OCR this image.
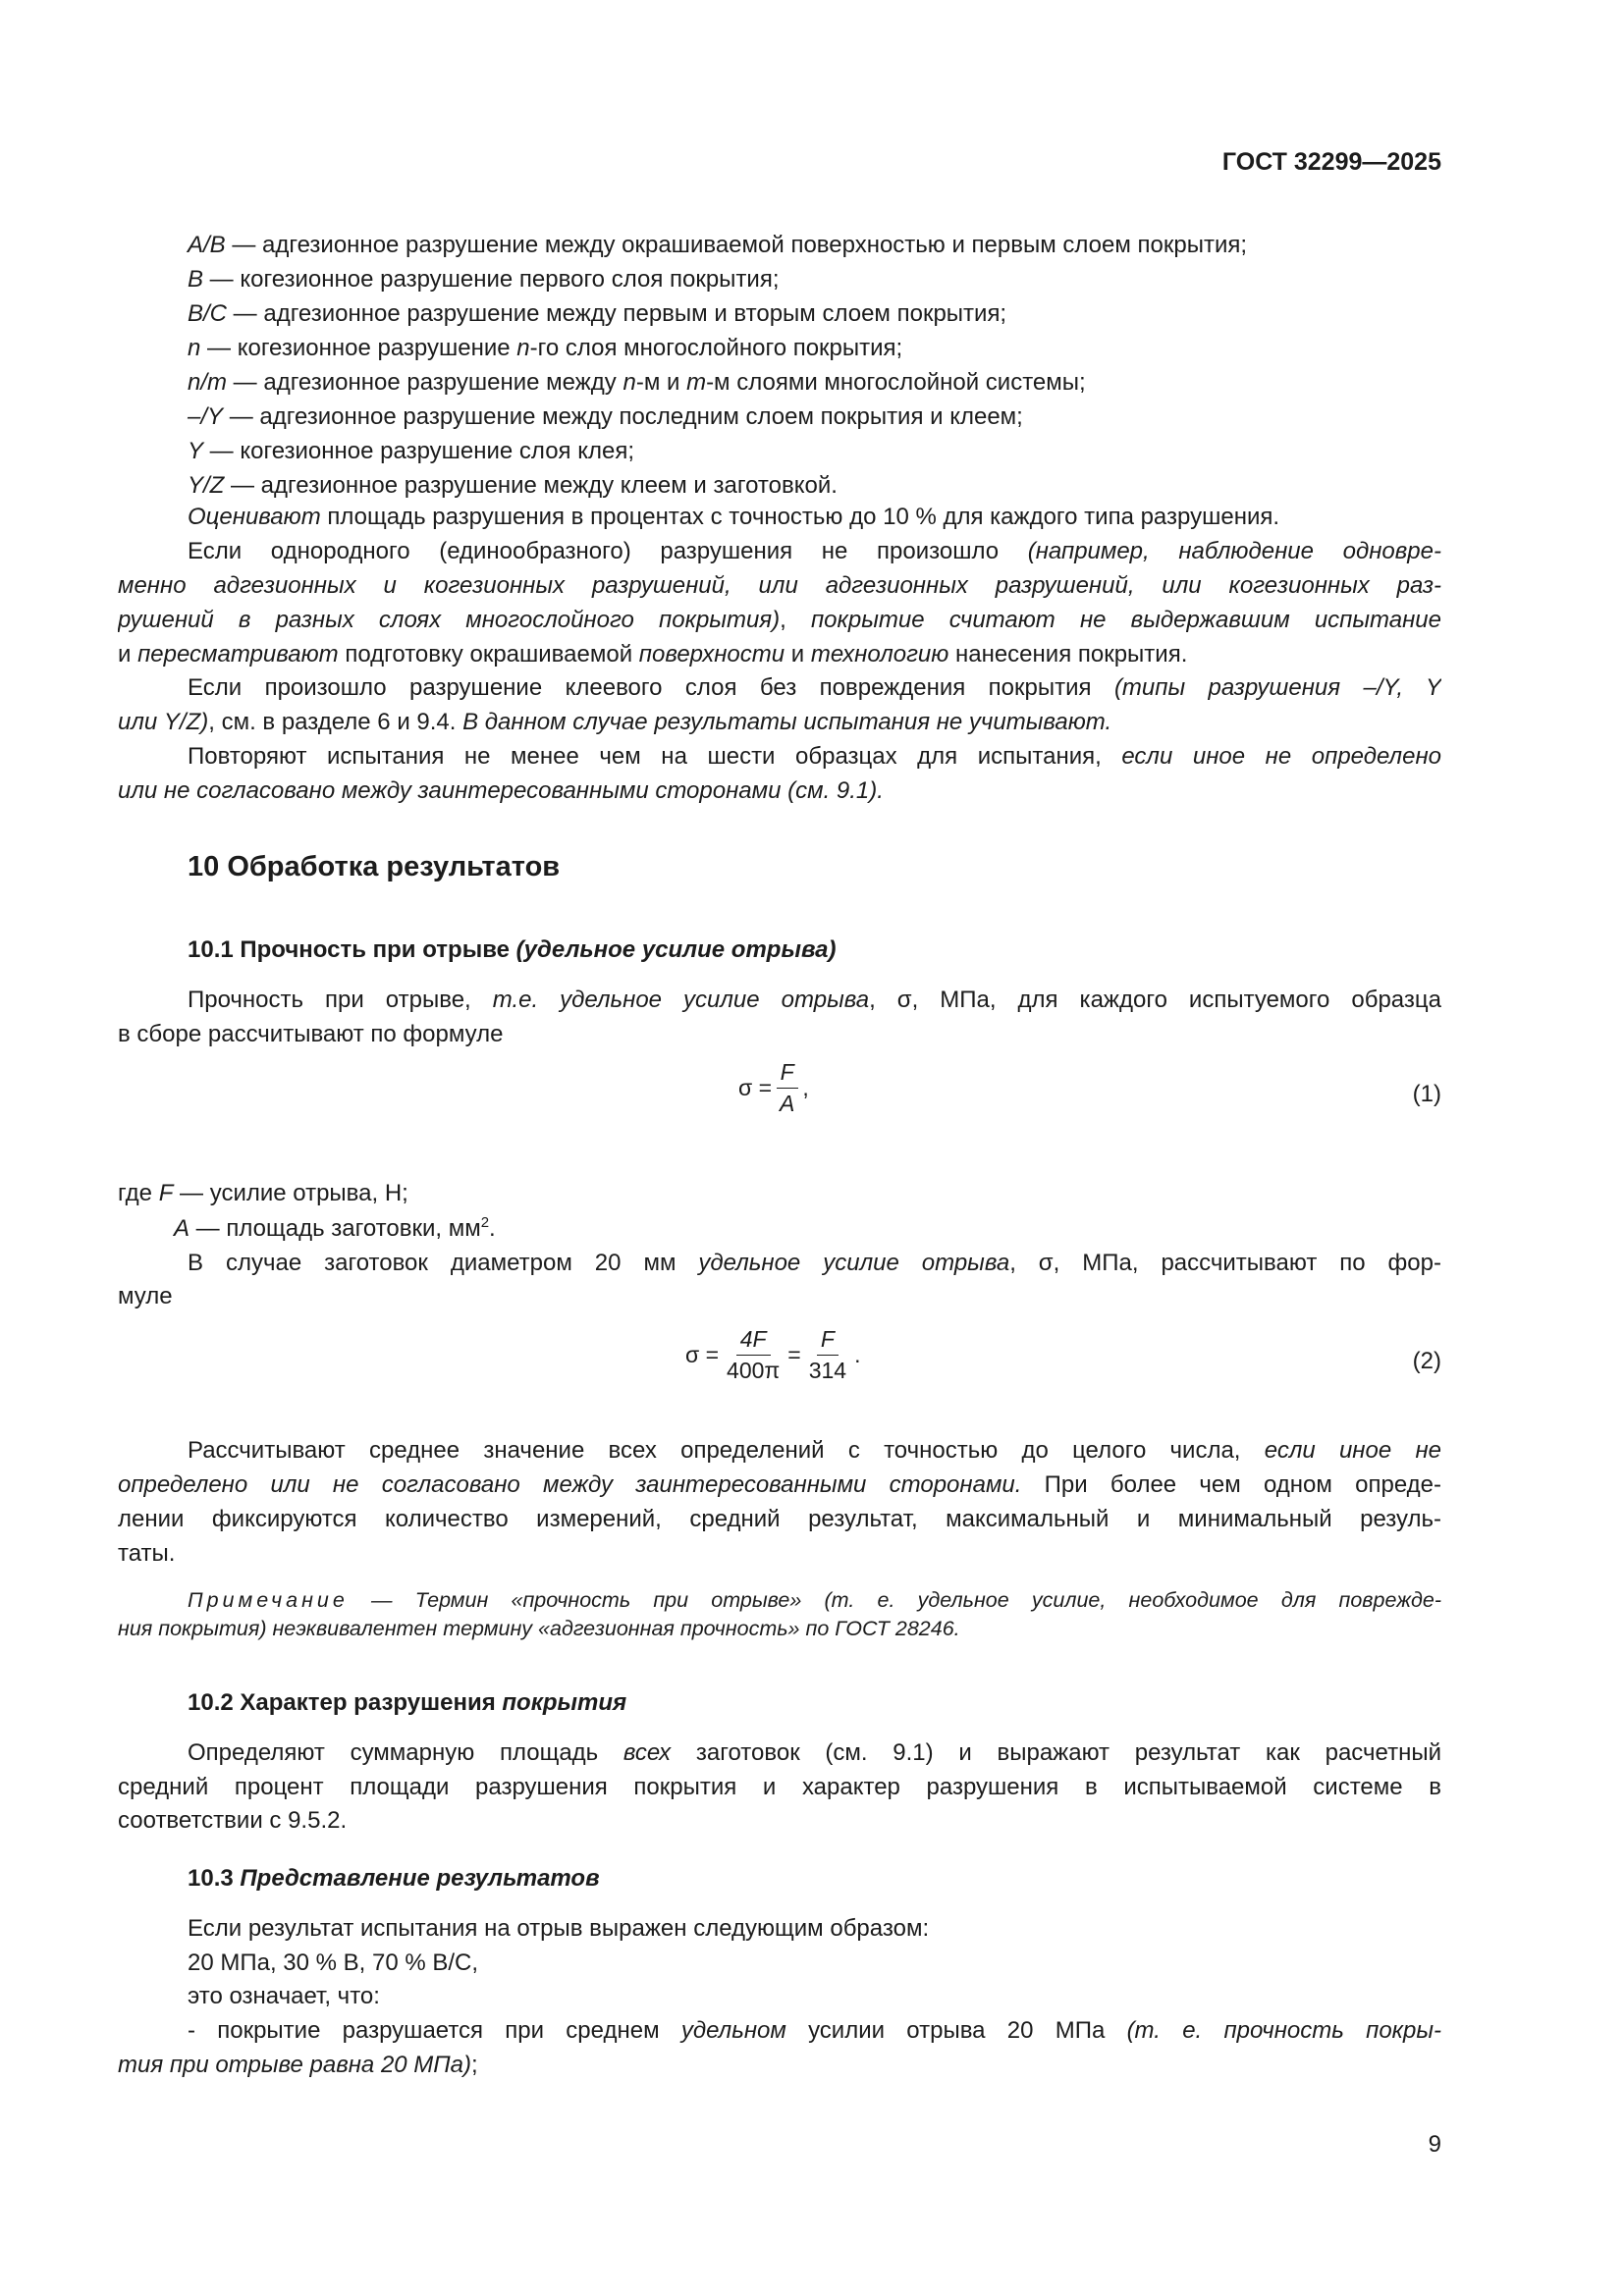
ГОСТ 32299—2025
A/B — адгезионное разрушение между окрашиваемой поверхностью и первым слоем покрытия;
B — когезионное разрушение первого слоя покрытия;
B/C — адгезионное разрушение между первым и вторым слоем покрытия;
n — когезионное разрушение n-го слоя многослойного покрытия;
n/m — адгезионное разрушение между n-м и m-м слоями многослойной системы;
–/Y — адгезионное разрушение между последним слоем покрытия и клеем;
Y — когезионное разрушение слоя клея;
Y/Z — адгезионное разрушение между клеем и заготовкой.
Оценивают площадь разрушения в процентах с точностью до 10 % для каждого типа разрушения.
Если однородного (единообразного) разрушения не произошло (например, наблюдение одновре-
менно адгезионных и когезионных разрушений, или адгезионных разрушений, или когезионных раз-
рушений в разных слоях многослойного покрытия), покрытие считают не выдержавшим испытание
и пересматривают подготовку окрашиваемой поверхности и технологию нанесения покрытия.
Если произошло разрушение клеевого слоя без повреждения покрытия (типы разрушения –/Y, Y
или Y/Z), см. в разделе 6 и 9.4. В данном случае результаты испытания не учитывают.
Повторяют испытания не менее чем на шести образцах для испытания, если иное не определено
или не согласовано между заинтересованными сторонами (см. 9.1).
10 Обработка результатов
10.1 Прочность при отрыве (удельное усилие отрыва)
Прочность при отрыве, т.е. удельное усилие отрыва, σ, МПа, для каждого испытуемого образца
в сборе рассчитывают по формуле
где F — усилие отрыва, Н;
A — площадь заготовки, $мм^2$.
В случае заготовок диаметром 20 мм удельное усилие отрыва, σ, МПа, рассчитывают по фор-
муле
Рассчитывают среднее значение всех определений с точностью до целого числа, если иное не
определено или не согласовано между заинтересованными сторонами. При более чем одном опреде-
лении фиксируются количество измерений, средний результат, максимальный и минимальный резуль-
таты.
Примечание — Термин «прочность при отрыве» (т. е. удельное усилие, необходимое для поврежде-
ния покрытия) неэквивалентен термину «адгезионная прочность» по ГОСТ 28246.
10.2 Характер разрушения покрытия
Определяют суммарную площадь всех заготовок (см. 9.1) и выражают результат как расчетный
средний процент площади разрушения покрытия и характер разрушения в испытываемой системе в
соответствии с 9.5.2.
10.3 Представление результатов
Если результат испытания на отрыв выражен следующим образом:
20 МПа, 30 % B, 70 % B/C,
это означает, что:
- покрытие разрушается при среднем удельном усилии отрыва 20 МПа (т. е. прочность покры-
тия при отрыве равна 20 МПа);
$\sigma = \frac{F}{A}$ ,	(1)
$\sigma = \frac{4F}{400\pi} = \frac{F}{314}$ .	(2)
9
